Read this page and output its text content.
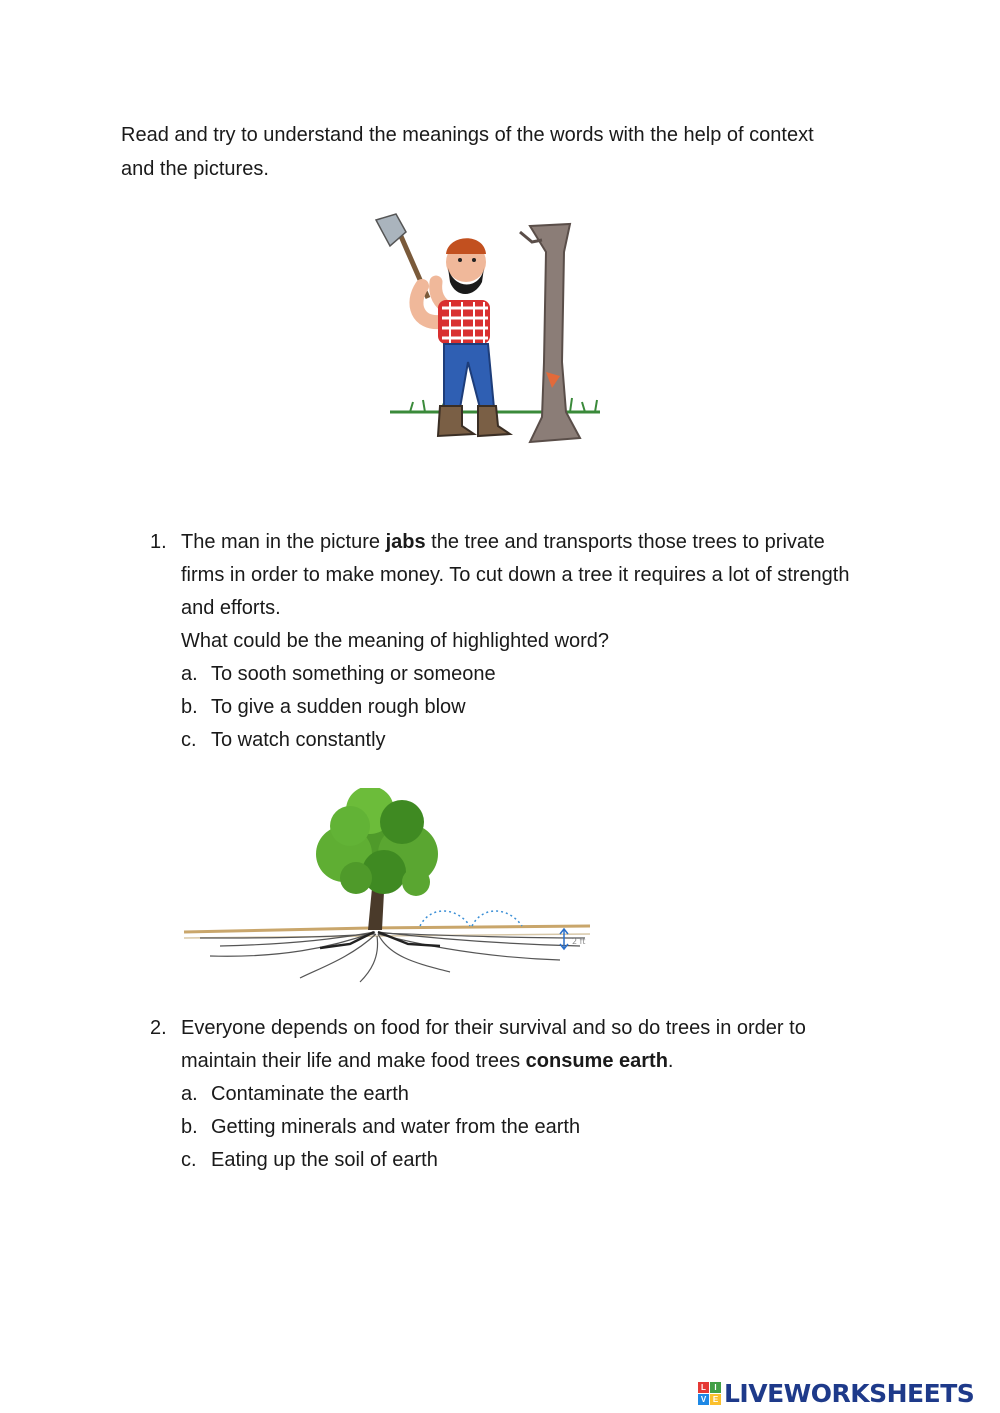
Read and try to understand the meanings of the words with the help of context and the pictures.

1. The man in the picture jabs the tree and transports those trees to private firms in order to make money. To cut down a tree it requires a lot of strength and efforts.
What could be the meaning of highlighted word?
a. To sooth something or someone
b. To give a sudden rough blow
c. To watch constantly
2 ft
2. Everyone depends on food for their survival and so do trees in order to maintain their life and make food trees consume earth.
a. Contaminate the earth
b. Getting minerals and water from the earth
c. Eating up the soil of earth
L	I
V E LIVEWORKSHEETS
